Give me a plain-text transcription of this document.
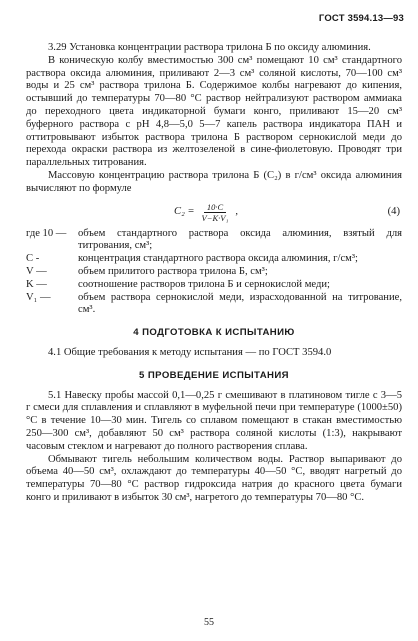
ГОСТ 3594.13—93

3.29 Установка концентрации раствора трилона Б по оксиду алюминия.

В коническую колбу вместимостью 300 см³ помещают 10 см³ стандартного раствора оксида алюминия, приливают 2—3 см³ соляной кислоты, 70—100 см³ воды и 25 см³ раствора трилона Б. Содержимое колбы нагревают до кипения, остывший до температуры 70—80 °С раствор нейтрализуют раствором аммиака до переходного цвета индикаторной бумаги конго, приливают 15—20 см³ буферного раствора с рН 4,8—5,0 5—7 капель раствора индикатора ПАН и оттитровывают избыток раствора трилона Б раствором сернокислой меди до перехода окраски раствора из желтозеленой в сине-фиолетовую. Проводят три параллельных титрования.

Массовую концентрацию раствора трилона Б (C₂) в г/см³ оксида алюминия вычисляют по формуле

$C_2 = \frac{10\cdot C}{\text{V−K·V₁}}$ ,	(4)
где 10 —	объем стандартного раствора оксида алюминия, взятый для титрования, см³;
C -	концентрация стандартного раствора оксида алюминия, г/см³;
V —	объем прилитого раствора трилона Б, см³;
K —	соотношение растворов трилона Б и сернокислой меди;
V₁ —	объем раствора сернокислой меди, израсходованной на титрование, см³.
4 ПОДГОТОВКА К ИСПЫТАНИЮ

4.1 Общие требования к методу испытания — по ГОСТ 3594.0

5 ПРОВЕДЕНИЕ ИСПЫТАНИЯ

5.1 Навеску пробы массой 0,1—0,25 г смешивают в платиновом тигле с 3—5 г смеси для сплавления и сплавляют в муфельной печи при температуре (1000±50) °С в течение 10—30 мин. Тигель со сплавом помещают в стакан вместимостью 250—300 см³, добавляют 50 см³ раствора соляной кислоты (1:3), накрывают часовым стеклом и нагревают до полного растворения сплава.

Обмывают тигель небольшим количеством воды. Раствор выпаривают до объема 40—50 см³, охлаждают до температуры 40—50 °С, вводят нагретый до температуры 70—80 °С раствор гидроксида натрия до красного цвета бумаги конго и приливают в избыток 30 см³, нагретого до температуры 70—80 °С.

55
